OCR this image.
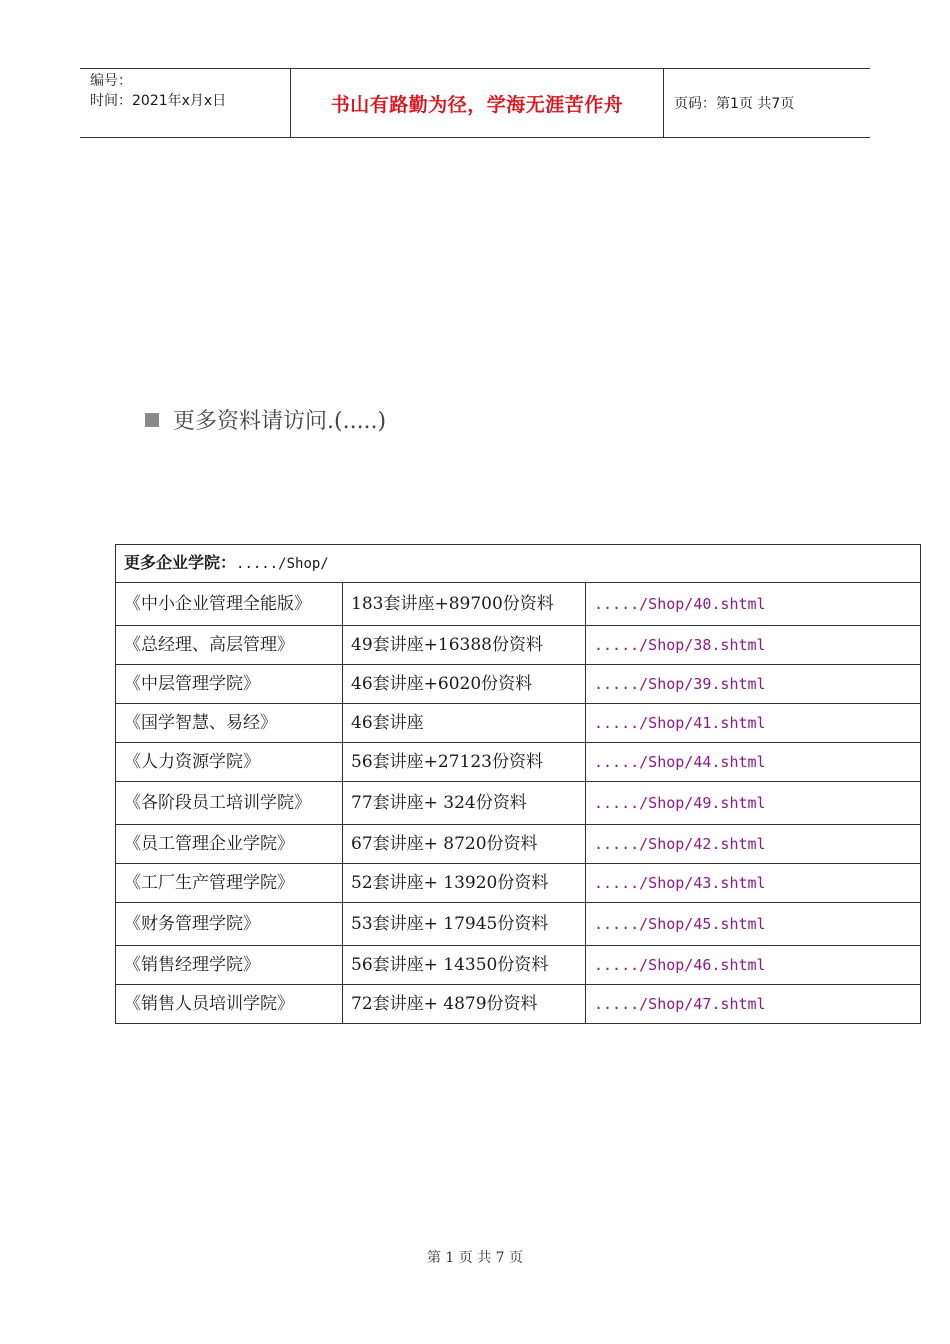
编号：
时间：2021年x月x日	书山有路勤为径，学海无涯苦作舟	页码：第1页 共7页
更多资料请访问.(.....)
更多企业学院：...../Shop/		
《中小企业管理全能版》	183套讲座+89700份资料	...../Shop/40.shtml
《总经理、高层管理》	49套讲座+16388份资料	...../Shop/38.shtml
《中层管理学院》	46套讲座+6020份资料	...../Shop/39.shtml
《国学智慧、易经》	46套讲座	...../Shop/41.shtml
《人力资源学院》	56套讲座+27123份资料	...../Shop/44.shtml
《各阶段员工培训学院》	77套讲座+ 324份资料	...../Shop/49.shtml
《员工管理企业学院》	67套讲座+ 8720份资料	...../Shop/42.shtml
《工厂生产管理学院》	52套讲座+ 13920份资料	...../Shop/43.shtml
《财务管理学院》	53套讲座+ 17945份资料	...../Shop/45.shtml
《销售经理学院》	56套讲座+ 14350份资料	...../Shop/46.shtml
《销售人员培训学院》	72套讲座+ 4879份资料	...../Shop/47.shtml
第 1 页 共 7 页
